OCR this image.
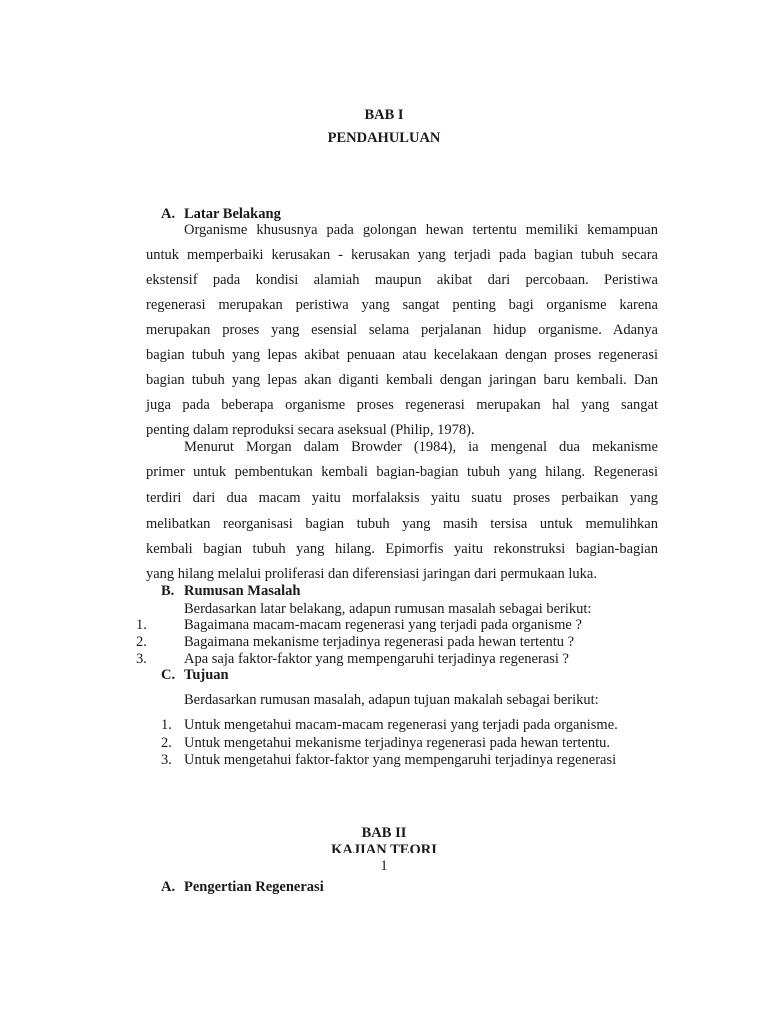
BAB I
PENDAHULUAN
A. Latar Belakang
Organisme khususnya pada golongan hewan tertentu memiliki kemampuan
untuk memperbaiki kerusakan - kerusakan yang terjadi pada bagian tubuh secara
ekstensif pada kondisi alamiah maupun akibat dari percobaan. Peristiwa
regenerasi merupakan peristiwa yang sangat penting bagi organisme karena
merupakan proses yang esensial selama perjalanan hidup organisme. Adanya
bagian tubuh yang lepas akibat penuaan atau kecelakaan dengan proses regenerasi
bagian tubuh yang lepas akan diganti kembali dengan jaringan baru kembali. Dan
juga pada beberapa organisme proses regenerasi merupakan hal yang sangat
penting dalam reproduksi secara aseksual (Philip, 1978).
Menurut Morgan dalam Browder (1984), ia mengenal dua mekanisme
primer untuk pembentukan kembali bagian-bagian tubuh yang hilang. Regenerasi
terdiri dari dua macam yaitu morfalaksis yaitu suatu proses perbaikan yang
melibatkan reorganisasi bagian tubuh yang masih tersisa untuk memulihkan
kembali bagian tubuh yang hilang. Epimorfis yaitu rekonstruksi bagian-bagian
yang hilang melalui proliferasi dan diferensiasi jaringan dari permukaan luka.
B. Rumusan Masalah
Berdasarkan latar belakang, adapun rumusan masalah sebagai berikut:
1.	Bagaimana macam-macam regenerasi yang terjadi pada organisme ?
2.	Bagaimana mekanisme terjadinya regenerasi pada hewan tertentu ?
3.	Apa saja faktor-faktor yang mempengaruhi terjadinya regenerasi ?
C. Tujuan
Berdasarkan rumusan masalah, adapun tujuan makalah sebagai berikut:
1. Untuk mengetahui macam-macam regenerasi yang terjadi pada organisme.
2. Untuk mengetahui mekanisme terjadinya regenerasi pada hewan tertentu.
3. Untuk mengetahui faktor-faktor yang mempengaruhi terjadinya regenerasi
BAB II
KAJIAN TEORI
1
A. Pengertian Regenerasi
